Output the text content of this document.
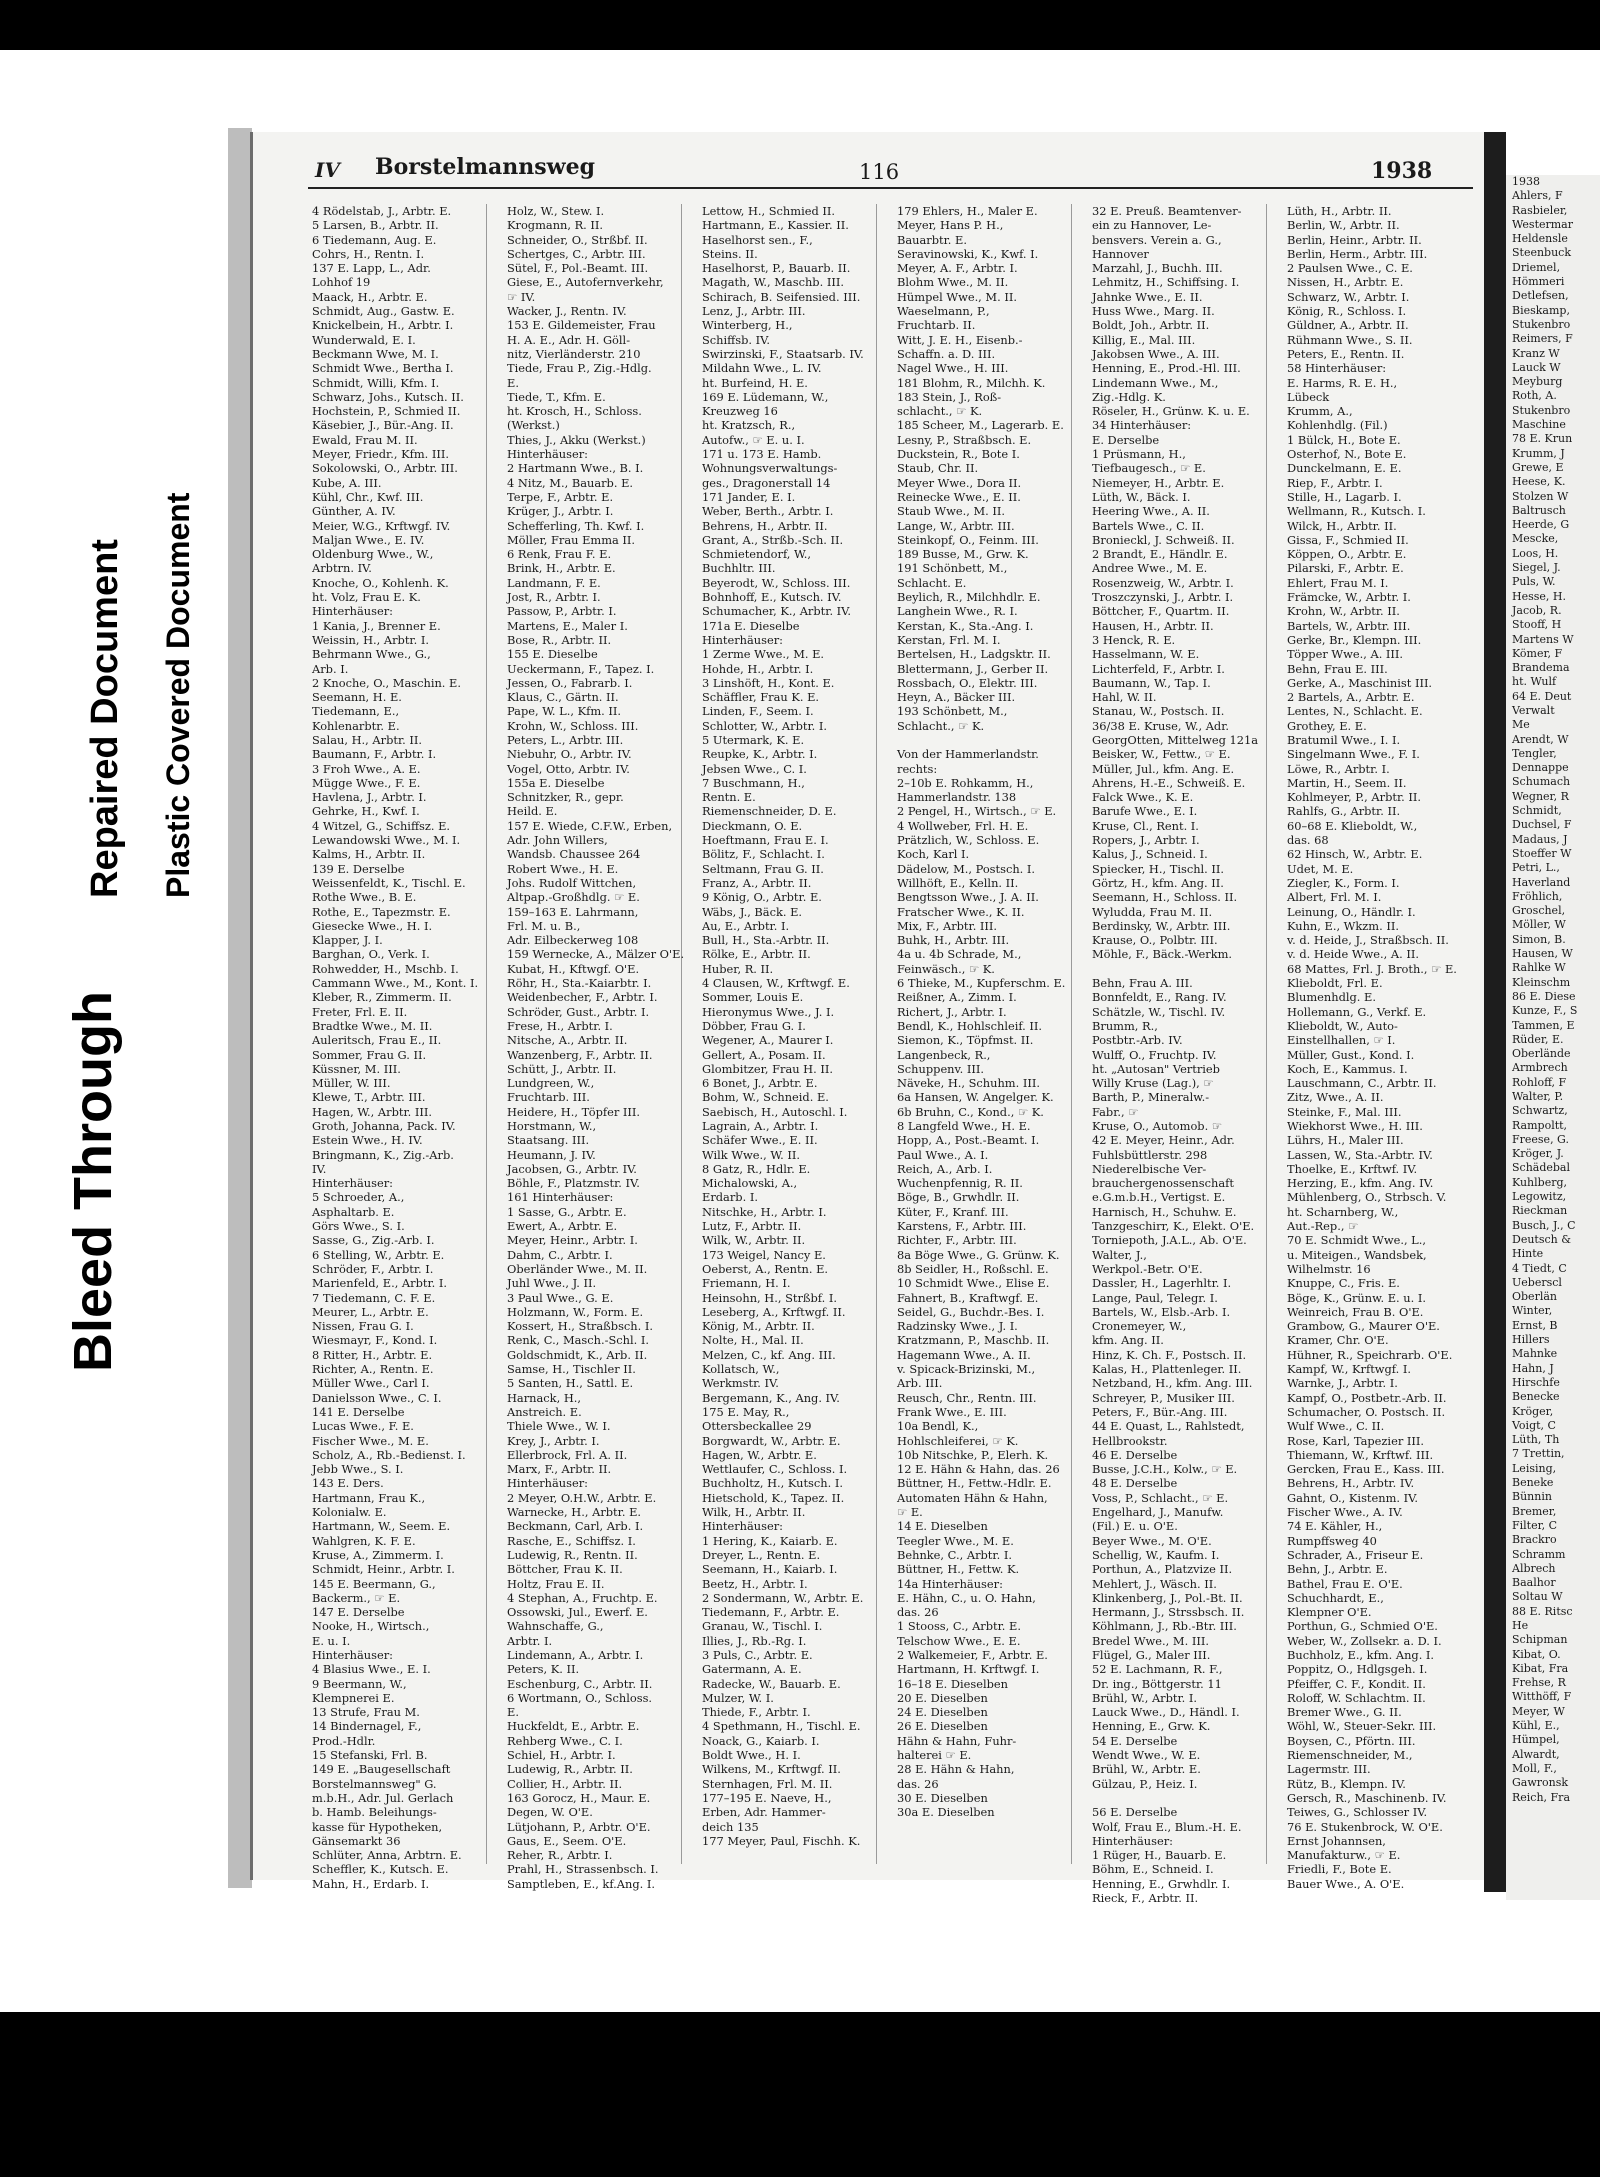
Bleed Through
Repaired Document Plastic Covered Document
IV Borstelmannsweg	116	1938
4 Rödelstab, J., Arbtr. E.
5 Larsen, B., Arbtr. II.
6 Tiedemann, Aug. E.
Cohrs, H., Rentn. I.
137 E. Lapp, L., Adr.
Lohhof 19
Maack, H., Arbtr. E.
Schmidt, Aug., Gastw. E.
Knickelbein, H., Arbtr. I.
Wunderwald, E. I.
Beckmann Wwe, M. I.
Schmidt Wwe., Bertha I.
Schmidt, Willi, Kfm. I.
Schwarz, Johs., Kutsch. II.
Hochstein, P., Schmied II.
Käsebier, J., Bür.-Ang. II.
Ewald, Frau M. II.
Meyer, Friedr., Kfm. III.
Sokolowski, O., Arbtr. III.
Kube, A. III.
Kühl, Chr., Kwf. III.
Günther, A. IV.
Meier, W.G., Krftwgf. IV.
Maljan Wwe., E. IV.
Oldenburg Wwe., W.,
Arbtrn. IV.
Knoche, O., Kohlenh. K.
ht. Volz, Frau E. K.
Hinterhäuser:
1 Kania, J., Brenner E.
Weissin, H., Arbtr. I.
Behrmann Wwe., G.,
Arb. I.
2 Knoche, O., Maschin. E.
Seemann, H. E.
Tiedemann, E.,
Kohlenarbtr. E.
Salau, H., Arbtr. II.
Baumann, F., Arbtr. I.
3 Froh Wwe., A. E.
Mügge Wwe., F. E.
Havlena, J., Arbtr. I.
Gehrke, H., Kwf. I.
4 Witzel, G., Schiffsz. E.
Lewandowski Wwe., M. I.
Kalms, H., Arbtr. II.
139 E. Derselbe
Weissenfeldt, K., Tischl. E.
Rothe Wwe., B. E.
Rothe, E., Tapezmstr. E.
Giesecke Wwe., H. I.
Klapper, J. I.
Barghan, O., Verk. I.
Rohwedder, H., Mschb. I.
Cammann Wwe., M., Kont. I.
Kleber, R., Zimmerm. II.
Freter, Frl. E. II.
Bradtke Wwe., M. II.
Auleritsch, Frau E., II.
Sommer, Frau G. II.
Küssner, M. III.
Müller, W. III.
Klewe, T., Arbtr. III.
Hagen, W., Arbtr. III.
Groth, Johanna, Pack. IV.
Estein Wwe., H. IV.
Bringmann, K., Zig.-Arb.
IV.
Hinterhäuser:
5 Schroeder, A.,
Asphaltarb. E.
Görs Wwe., S. I.
Sasse, G., Zig.-Arb. I.
6 Stelling, W., Arbtr. E.
Schröder, F., Arbtr. I.
Marienfeld, E., Arbtr. I.
7 Tiedemann, C. F. E.
Meurer, L., Arbtr. E.
Nissen, Frau G. I.
Wiesmayr, F., Kond. I.
8 Ritter, H., Arbtr. E.
Richter, A., Rentn. E.
Müller Wwe., Carl I.
Danielsson Wwe., C. I.
141 E. Derselbe
Lucas Wwe., F. E.
Fischer Wwe., M. E.
Scholz, A., Rb.-Bedienst. I.
Jebb Wwe., S. I.
143 E. Ders.
Hartmann, Frau K.,
Kolonialw. E.
Hartmann, W., Seem. E.
Wahlgren, K. F. E.
Kruse, A., Zimmerm. I.
Schmidt, Heinr., Arbtr. I.
145 E. Beermann, G.,
Backerm., ☞ E.
147 E. Derselbe
Nooke, H., Wirtsch.,
E. u. I.
Hinterhäuser:
4 Blasius Wwe., E. I.
9 Beermann, W.,
Klempnerei E.
13 Strufe, Frau M.
14 Bindernagel, F.,
Prod.-Hdlr.
15 Stefanski, Frl. B.
149 E. „Baugesellschaft
Borstelmannsweg" G.
m.b.H., Adr. Jul. Gerlach
b. Hamb. Beleihungs-
kasse für Hypotheken,
Gänsemarkt 36
Schlüter, Anna, Arbtrn. E.
Scheffler, K., Kutsch. E.
Mahn, H., Erdarb. I.
Holz, W., Stew. I.
Krogmann, R. II.
Schneider, O., Strßbf. II.
Schertges, C., Arbtr. III.
Sütel, F., Pol.-Beamt. III.
Giese, E., Autofernverkehr,
☞ IV.
Wacker, J., Rentn. IV.
153 E. Gildemeister, Frau
H. A. E., Adr. H. Göll-
nitz, Vierländerstr. 210
Tiede, Frau P., Zig.-Hdlg.
E.
Tiede, T., Kfm. E.
ht. Krosch, H., Schloss.
(Werkst.)
Thies, J., Akku (Werkst.)
Hinterhäuser:
2 Hartmann Wwe., B. I.
4 Nitz, M., Bauarb. E.
Terpe, F., Arbtr. E.
Krüger, J., Arbtr. I.
Schefferling, Th. Kwf. I.
Möller, Frau Emma II.
6 Renk, Frau F. E.
Brink, H., Arbtr. E.
Landmann, F. E.
Jost, R., Arbtr. I.
Passow, P., Arbtr. I.
Martens, E., Maler I.
Bose, R., Arbtr. II.
155 E. Dieselbe
Ueckermann, F., Tapez. I.
Jessen, O., Fabrarb. I.
Klaus, C., Gärtn. II.
Pape, W. L., Kfm. II.
Krohn, W., Schloss. III.
Peters, L., Arbtr. III.
Niebuhr, O., Arbtr. IV.
Vogel, Otto, Arbtr. IV.
155a E. Dieselbe
Schnitzker, R., gepr.
Heild. E.
157 E. Wiede, C.F.W., Erben,
Adr. John Willers,
Wandsb. Chaussee 264
Robert Wwe., H. E.
Johs. Rudolf Wittchen,
Altpap.-Großhdlg. ☞ E.
159–163 E. Lahrmann,
Frl. M. u. B.,
Adr. Eilbeckerweg 108
159 Wernecke, A., Mälzer O'E.
Kubat, H., Kftwgf. O'E.
Röhr, H., Sta.-Kaiarbtr. I.
Weidenbecher, F., Arbtr. I.
Schröder, Gust., Arbtr. I.
Frese, H., Arbtr. I.
Nitsche, A., Arbtr. II.
Wanzenberg, F., Arbtr. II.
Schütt, J., Arbtr. II.
Lundgreen, W.,
Fruchtarb. III.
Heidere, H., Töpfer III.
Horstmann, W.,
Staatsang. III.
Heumann, J. IV.
Jacobsen, G., Arbtr. IV.
Böhle, F., Platzmstr. IV.
161 Hinterhäuser:
1 Sasse, G., Arbtr. E.
Ewert, A., Arbtr. E.
Meyer, Heinr., Arbtr. I.
Dahm, C., Arbtr. I.
Oberländer Wwe., M. II.
Juhl Wwe., J. II.
3 Paul Wwe., G. E.
Holzmann, W., Form. E.
Kossert, H., Straßbsch. I.
Renk, C., Masch.-Schl. I.
Goldschmidt, K., Arb. II.
Samse, H., Tischler II.
5 Santen, H., Sattl. E.
Harnack, H.,
Anstreich. E.
Thiele Wwe., W. I.
Krey, J., Arbtr. I.
Ellerbrock, Frl. A. II.
Marx, F., Arbtr. II.
Hinterhäuser:
2 Meyer, O.H.W., Arbtr. E.
Warnecke, H., Arbtr. E.
Beckmann, Carl, Arb. I.
Rasche, E., Schiffsz. I.
Ludewig, R., Rentn. II.
Böttcher, Frau K. II.
Holtz, Frau E. II.
4 Stephan, A., Fruchtp. E.
Ossowski, Jul., Ewerf. E.
Wahnschaffe, G.,
Arbtr. I.
Lindemann, A., Arbtr. I.
Peters, K. II.
Eschenburg, C., Arbtr. II.
6 Wortmann, O., Schloss.
E.
Huckfeldt, E., Arbtr. E.
Rehberg Wwe., C. I.
Schiel, H., Arbtr. I.
Ludewig, R., Arbtr. II.
Collier, H., Arbtr. II.
163 Gorocz, H., Maur. E.
Degen, W. O'E.
Lütjohann, P., Arbtr. O'E.
Gaus, E., Seem. O'E.
Reher, R., Arbtr. I.
Prahl, H., Strassenbsch. I.
Samptleben, E., kf.Ang. I.
Lettow, H., Schmied II.
Hartmann, E., Kassier. II.
Haselhorst sen., F.,
Steins. II.
Haselhorst, P., Bauarb. II.
Magath, W., Maschb. III.
Schirach, B. Seifensied. III.
Lenz, J., Arbtr. III.
Winterberg, H.,
Schiffsb. IV.
Swirzinski, F., Staatsarb. IV.
Mildahn Wwe., L. IV.
ht. Burfeind, H. E.
169 E. Lüdemann, W.,
Kreuzweg 16
ht. Kratzsch, R.,
Autofw., ☞ E. u. I.
171 u. 173 E. Hamb.
Wohnungsverwaltungs-
ges., Dragonerstall 14
171 Jander, E. I.
Weber, Berth., Arbtr. I.
Behrens, H., Arbtr. II.
Grant, A., Strßb.-Sch. II.
Schmietendorf, W.,
Buchhltr. III.
Beyerodt, W., Schloss. III.
Bohnhoff, E., Kutsch. IV.
Schumacher, K., Arbtr. IV.
171a E. Dieselbe
Hinterhäuser:
1 Zerme Wwe., M. E.
Hohde, H., Arbtr. I.
3 Linshöft, H., Kont. E.
Schäffler, Frau K. E.
Linden, F., Seem. I.
Schlotter, W., Arbtr. I.
5 Utermark, K. E.
Reupke, K., Arbtr. I.
Jebsen Wwe., C. I.
7 Buschmann, H.,
Rentn. E.
Riemenschneider, D. E.
Dieckmann, O. E.
Hoeftmann, Frau E. I.
Bölitz, F., Schlacht. I.
Seltmann, Frau G. II.
Franz, A., Arbtr. II.
9 König, O., Arbtr. E.
Wäbs, J., Bäck. E.
Au, E., Arbtr. I.
Bull, H., Sta.-Arbtr. II.
Rölke, E., Arbtr. II.
Huber, R. II.
4 Clausen, W., Krftwgf. E.
Sommer, Louis E.
Hieronymus Wwe., J. I.
Döbber, Frau G. I.
Wegener, A., Maurer I.
Gellert, A., Posam. II.
Glombitzer, Frau H. II.
6 Bonet, J., Arbtr. E.
Bohm, W., Schneid. E.
Saebisch, H., Autoschl. I.
Lagrain, A., Arbtr. I.
Schäfer Wwe., E. II.
Wilk Wwe., W. II.
8 Gatz, R., Hdlr. E.
Michalowski, A.,
Erdarb. I.
Nitschke, H., Arbtr. I.
Lutz, F., Arbtr. II.
Wilk, W., Arbtr. II.
173 Weigel, Nancy E.
Oeberst, A., Rentn. E.
Friemann, H. I.
Heinsohn, H., Strßbf. I.
Leseberg, A., Krftwgf. II.
König, M., Arbtr. II.
Nolte, H., Mal. II.
Melzen, C., kf. Ang. III.
Kollatsch, W.,
Werkmstr. IV.
Bergemann, K., Ang. IV.
175 E. May, R.,
Ottersbeckallee 29
Borgwardt, W., Arbtr. E.
Hagen, W., Arbtr. E.
Wettlaufer, C., Schloss. I.
Buchholtz, H., Kutsch. I.
Hietschold, K., Tapez. II.
Wilk, H., Arbtr. II.
Hinterhäuser:
1 Hering, K., Kaiarb. E.
Dreyer, L., Rentn. E.
Seemann, H., Kaiarb. I.
Beetz, H., Arbtr. I.
2 Sondermann, W., Arbtr. E.
Tiedemann, F., Arbtr. E.
Granau, W., Tischl. I.
Illies, J., Rb.-Rg. I.
3 Puls, C., Arbtr. E.
Gatermann, A. E.
Radecke, W., Bauarb. E.
Mulzer, W. I.
Thiede, F., Arbtr. I.
4 Spethmann, H., Tischl. E.
Noack, G., Kaiarb. I.
Boldt Wwe., H. I.
Wilkens, M., Krftwgf. II.
Sternhagen, Frl. M. II.
177–195 E. Naeve, H.,
Erben, Adr. Hammer-
deich 135
177 Meyer, Paul, Fischh. K.
179 Ehlers, H., Maler E.
Meyer, Hans P. H.,
Bauarbtr. E.
Seravinowski, K., Kwf. I.
Meyer, A. F., Arbtr. I.
Blohm Wwe., M. II.
Hümpel Wwe., M. II.
Waeselmann, P.,
Fruchtarb. II.
Witt, J. E. H., Eisenb.-
Schaffn. a. D. III.
Nagel Wwe., H. III.
181 Blohm, R., Milchh. K.
183 Stein, J., Roß-
schlacht., ☞ K.
185 Scheer, M., Lagerarb. E.
Lesny, P., Straßbsch. E.
Duckstein, R., Bote I.
Staub, Chr. II.
Meyer Wwe., Dora II.
Reinecke Wwe., E. II.
Staub Wwe., M. II.
Lange, W., Arbtr. III.
Steinkopf, O., Feinm. III.
189 Busse, M., Grw. K.
191 Schönbett, M.,
Schlacht. E.
Beylich, R., Milchhdlr. E.
Langhein Wwe., R. I.
Kerstan, K., Sta.-Ang. I.
Kerstan, Frl. M. I.
Bertelsen, H., Ladgsktr. II.
Blettermann, J., Gerber II.
Rossbach, O., Elektr. III.
Heyn, A., Bäcker III.
193 Schönbett, M.,
Schlacht., ☞ K.
Von der Hammerlandstr.
rechts:
2–10b E. Rohkamm, H.,
Hammerlandstr. 138
2 Pengel, H., Wirtsch., ☞ E.
4 Wollweber, Frl. H. E.
Prätzlich, W., Schloss. E.
Koch, Karl I.
Dädelow, M., Postsch. I.
Willhöft, E., Kelln. II.
Bengtsson Wwe., J. A. II.
Fratscher Wwe., K. II.
Mix, F., Arbtr. III.
Buhk, H., Arbtr. III.
4a u. 4b Schrade, M.,
Feinwäsch., ☞ K.
6 Thieke, M., Kupferschm. E.
Reißner, A., Zimm. I.
Richert, J., Arbtr. I.
Bendl, K., Hohlschleif. II.
Siemon, K., Töpfmst. II.
Langenbeck, R.,
Schuppenv. III.
Näveke, H., Schuhm. III.
6a Hansen, W. Angelger. K.
6b Bruhn, C., Kond., ☞ K.
8 Langfeld Wwe., H. E.
Hopp, A., Post.-Beamt. I.
Paul Wwe., A. I.
Reich, A., Arb. I.
Wuchenpfennig, R. II.
Böge, B., Grwhdlr. II.
Küter, F., Kranf. III.
Karstens, F., Arbtr. III.
Richter, F., Arbtr. III.
8a Böge Wwe., G. Grünw. K.
8b Seidler, H., Roßschl. E.
10 Schmidt Wwe., Elise E.
Fahnert, B., Kraftwgf. E.
Seidel, G., Buchdr.-Bes. I.
Radzinsky Wwe., J. I.
Kratzmann, P., Maschb. II.
Hagemann Wwe., A. II.
v. Spicack-Brizinski, M.,
Arb. III.
Reusch, Chr., Rentn. III.
Frank Wwe., E. III.
10a Bendl, K.,
Hohlschleiferei, ☞ K.
10b Nitschke, P., Elerh. K.
12 E. Hähn & Hahn, das. 26
Büttner, H., Fettw.-Hdlr. E.
Automaten Hähn & Hahn,
☞ E.
14 E. Dieselben
Teegler Wwe., M. E.
Behnke, C., Arbtr. I.
Büttner, H., Fettw. K.
14a Hinterhäuser:
E. Hähn, C., u. O. Hahn,
das. 26
1 Stooss, C., Arbtr. E.
Telschow Wwe., E. E.
2 Walkemeier, F., Arbtr. E.
Hartmann, H. Krftwgf. I.
16–18 E. Dieselben
20 E. Dieselben
24 E. Dieselben
26 E. Dieselben
Hähn & Hahn, Fuhr-
halterei ☞ E.
28 E. Hähn & Hahn,
das. 26
30 E. Dieselben
30a E. Dieselben
32 E. Preuß. Beamtenver-
ein zu Hannover, Le-
bensvers. Verein a. G.,
Hannover
Marzahl, J., Buchh. III.
Lehmitz, H., Schiffsing. I.
Jahnke Wwe., E. II.
Huss Wwe., Marg. II.
Boldt, Joh., Arbtr. II.
Killig, E., Mal. III.
Jakobsen Wwe., A. III.
Henning, E., Prod.-Hl. III.
Lindemann Wwe., M.,
Zig.-Hdlg. K.
Röseler, H., Grünw. K. u. E.
34 Hinterhäuser:
E. Derselbe
1 Prüsmann, H.,
Tiefbaugesch., ☞ E.
Niemeyer, H., Arbtr. E.
Lüth, W., Bäck. I.
Heering Wwe., A. II.
Bartels Wwe., C. II.
Bronieckl, J. Schweiß. II.
2 Brandt, E., Händlr. E.
Andree Wwe., M. E.
Rosenzweig, W., Arbtr. I.
Troszczynski, J., Arbtr. I.
Böttcher, F., Quartm. II.
Hausen, H., Arbtr. II.
3 Henck, R. E.
Hasselmann, W. E.
Lichterfeld, F., Arbtr. I.
Baumann, W., Tap. I.
Hahl, W. II.
Stanau, W., Postsch. II.
36/38 E. Kruse, W., Adr.
GeorgOtten, Mittelweg 121a
Beisker, W., Fettw., ☞ E.
Müller, Jul., kfm. Ang. E.
Ahrens, H.-E., Schweiß. E.
Falck Wwe., K. E.
Barufe Wwe., E. I.
Kruse, Cl., Rent. I.
Ropers, J., Arbtr. I.
Kalus, J., Schneid. I.
Spiecker, H., Tischl. II.
Görtz, H., kfm. Ang. II.
Seemann, H., Schloss. II.
Wyludda, Frau M. II.
Berdinsky, W., Arbtr. III.
Krause, O., Polbtr. III.
Möhle, F., Bäck.-Werkm.
Behn, Frau A. III.
Bonnfeldt, E., Rang. IV.
Schätzle, W., Tischl. IV.
Brumm, R.,
Postbtr.-Arb. IV.
Wulff, O., Fruchtp. IV.
ht. „Autosan" Vertrieb
Willy Kruse (Lag.), ☞
Barth, P., Mineralw.-
Fabr., ☞
Kruse, O., Automob. ☞
42 E. Meyer, Heinr., Adr.
Fuhlsbüttlerstr. 298
Niederelbische Ver-
brauchergenossenschaft
e.G.m.b.H., Vertigst. E.
Harnisch, H., Schuhw. E.
Tanzgeschirr, K., Elekt. O'E.
Torniepoth, J.A.L., Ab. O'E.
Walter, J.,
Werkpol.-Betr. O'E.
Dassler, H., Lagerhltr. I.
Lange, Paul, Telegr. I.
Bartels, W., Elsb.-Arb. I.
Cronemeyer, W.,
kfm. Ang. II.
Hinz, K. Ch. F., Postsch. II.
Kalas, H., Plattenleger. II.
Netzband, H., kfm. Ang. III.
Schreyer, P., Musiker III.
Peters, F., Bür.-Ang. III.
44 E. Quast, L., Rahlstedt,
Hellbrookstr.
46 E. Derselbe
Busse, J.C.H., Kolw., ☞ E.
48 E. Derselbe
Voss, P., Schlacht., ☞ E.
Engelhard, J., Manufw.
(Fil.) E. u. O'E.
Beyer Wwe., M. O'E.
Schellig, W., Kaufm. I.
Porthun, A., Platzvize II.
Mehlert, J., Wäsch. II.
Klinkenberg, J., Pol.-Bt. II.
Hermann, J., Strssbsch. II.
Köhlmann, J., Rb.-Btr. III.
Bredel Wwe., M. III.
Flügel, G., Maler III.
52 E. Lachmann, R. F.,
Dr. ing., Böttgerstr. 11
Brühl, W., Arbtr. I.
Lauck Wwe., D., Händl. I.
Henning, E., Grw. K.
54 E. Derselbe
Wendt Wwe., W. E.
Brühl, W., Arbtr. E.
Gülzau, P., Heiz. I.
56 E. Derselbe
Wolf, Frau E., Blum.-H. E.
Hinterhäuser:
1 Rüger, H., Bauarb. E.
Böhm, E., Schneid. I.
Henning, E., Grwhdlr. I.
Rieck, F., Arbtr. II.
Lüth, H., Arbtr. II.
Berlin, W., Arbtr. II.
Berlin, Heinr., Arbtr. II.
Berlin, Herm., Arbtr. III.
2 Paulsen Wwe., C. E.
Nissen, H., Arbtr. E.
Schwarz, W., Arbtr. I.
König, R., Schloss. I.
Güldner, A., Arbtr. II.
Rühmann Wwe., S. II.
Peters, E., Rentn. II.
58 Hinterhäuser:
E. Harms, R. E. H.,
Lübeck
Krumm, A.,
Kohlenhdlg. (Fil.)
1 Bülck, H., Bote E.
Osterhof, N., Bote E.
Dunckelmann, E. E.
Riep, F., Arbtr. I.
Stille, H., Lagarb. I.
Wellmann, R., Kutsch. I.
Wilck, H., Arbtr. II.
Gissa, F., Schmied II.
Köppen, O., Arbtr. E.
Pilarski, F., Arbtr. E.
Ehlert, Frau M. I.
Främcke, W., Arbtr. I.
Krohn, W., Arbtr. II.
Bartels, W., Arbtr. III.
Gerke, Br., Klempn. III.
Töpper Wwe., A. III.
Behn, Frau E. III.
Gerke, A., Maschinist III.
2 Bartels, A., Arbtr. E.
Lentes, N., Schlacht. E.
Grothey, E. E.
Bratumil Wwe., I. I.
Singelmann Wwe., F. I.
Löwe, R., Arbtr. I.
Martin, H., Seem. II.
Kohlmeyer, P., Arbtr. II.
Rahlfs, G., Arbtr. II.
60–68 E. Klieboldt, W.,
das. 68
62 Hinsch, W., Arbtr. E.
Udet, M. E.
Ziegler, K., Form. I.
Albert, Frl. M. I.
Leinung, O., Händlr. I.
Kuhn, E., Wkzm. II.
v. d. Heide, J., Straßbsch. II.
v. d. Heide Wwe., A. II.
68 Mattes, Frl. J. Broth., ☞ E.
Klieboldt, Frl. E.
Blumenhdlg. E.
Hollemann, G., Verkf. E.
Klieboldt, W., Auto-
Einstellhallen, ☞ I.
Müller, Gust., Kond. I.
Koch, E., Kammus. I.
Lauschmann, C., Arbtr. II.
Zitz, Wwe., A. II.
Steinke, F., Mal. III.
Wiekhorst Wwe., H. III.
Lührs, H., Maler III.
Lassen, W., Sta.-Arbtr. IV.
Thoelke, E., Krftwf. IV.
Herzing, E., kfm. Ang. IV.
Mühlenberg, O., Strbsch. V.
ht. Scharnberg, W.,
Aut.-Rep., ☞
70 E. Schmidt Wwe., L.,
u. Miteigen., Wandsbek,
Wilhelmstr. 16
Knuppe, C., Fris. E.
Böge, K., Grünw. E. u. I.
Weinreich, Frau B. O'E.
Grambow, G., Maurer O'E.
Kramer, Chr. O'E.
Hühner, R., Speichrarb. O'E.
Kampf, W., Krftwgf. I.
Warnke, J., Arbtr. I.
Kampf, O., Postbetr.-Arb. II.
Schumacher, O. Postsch. II.
Wulf Wwe., C. II.
Rose, Karl, Tapezier III.
Thiemann, W., Krftwf. III.
Gercken, Frau E., Kass. III.
Behrens, H., Arbtr. IV.
Gahnt, O., Kistenm. IV.
Fischer Wwe., A. IV.
74 E. Kähler, H.,
Rumpffsweg 40
Schrader, A., Friseur E.
Behn, J., Arbtr. E.
Bathel, Frau E. O'E.
Schuchhardt, E.,
Klempner O'E.
Porthun, G., Schmied O'E.
Weber, W., Zollsekr. a. D. I.
Buchholz, E., kfm. Ang. I.
Poppitz, O., Hdlgsgeh. I.
Pfeiffer, C. F., Kondit. II.
Roloff, W. Schlachtm. II.
Bremer Wwe., G. II.
Wöhl, W., Steuer-Sekr. III.
Boysen, C., Pförtn. III.
Riemenschneider, M.,
Lagermstr. III.
Rütz, B., Klempn. IV.
Gersch, R., Maschinenb. IV.
Teiwes, G., Schlosser IV.
76 E. Stukenbrock, W. O'E.
Ernst Johannsen,
Manufakturw., ☞ E.
Friedli, F., Bote E.
Bauer Wwe., A. O'E.
1938
Ahlers, F
Rasbieler,
Westermar
Heldensle
Steenbuck
Driemel,
Hömmeri
Detlefsen,
Bieskamp,
Stukenbro
Reimers, F
Kranz W
Lauck W
Meyburg
Roth, A.
Stukenbro
Maschine
78 E. Krun
Krumm, J
Grewe, E
Heese, K.
Stolzen W
Baltrusch
Heerde, G
Mescke,
Loos, H.
Siegel, J.
Puls, W.
Hesse, H.
Jacob, R.
Stooff, H
Martens W
Kömer, F
Brandema
ht. Wulf
64 E. Deut
Verwalt
Me
Arendt, W
Tengler,
Dennappe
Schumach
Wegner, R
Schmidt,
Duchsel, F
Madaus, J
Stoeffer W
Petri, L.,
Haverland
Fröhlich,
Groschel,
Möller, W
Simon, B.
Hausen, W
Rahlke W
Kleinschm
86 E. Diese
Kunze, F., S
Tammen, E
Rüder, E.
Oberlände
Armbrech
Rohloff, F
Walter, P.
Schwartz,
Rampoltt,
Freese, G.
Kröger, J.
Schädebal
Kuhlberg,
Legowitz,
Rieckman
Busch, J., C
Deutsch &
Hinte
4 Tiedt, C
Ueberscl
Oberlän
Winter,
Ernst, B
Hillers
Mahnke
Hahn, J
Hirschfe
Benecke
Kröger,
Voigt, C
Lüth, Th
7 Trettin,
Leising,
Beneke
Bünnin
Bremer,
Filter, C
Brackro
Schramm
Albrech
Baalhor
Soltau W
88 E. Ritsc
He
Schipman
Kibat, O.
Kibat, Fra
Frehse, R
Witthöff, F
Meyer, W
Kühl, E.,
Hümpel,
Alwardt,
Moll, F.,
Gawronsk
Reich, Fra
